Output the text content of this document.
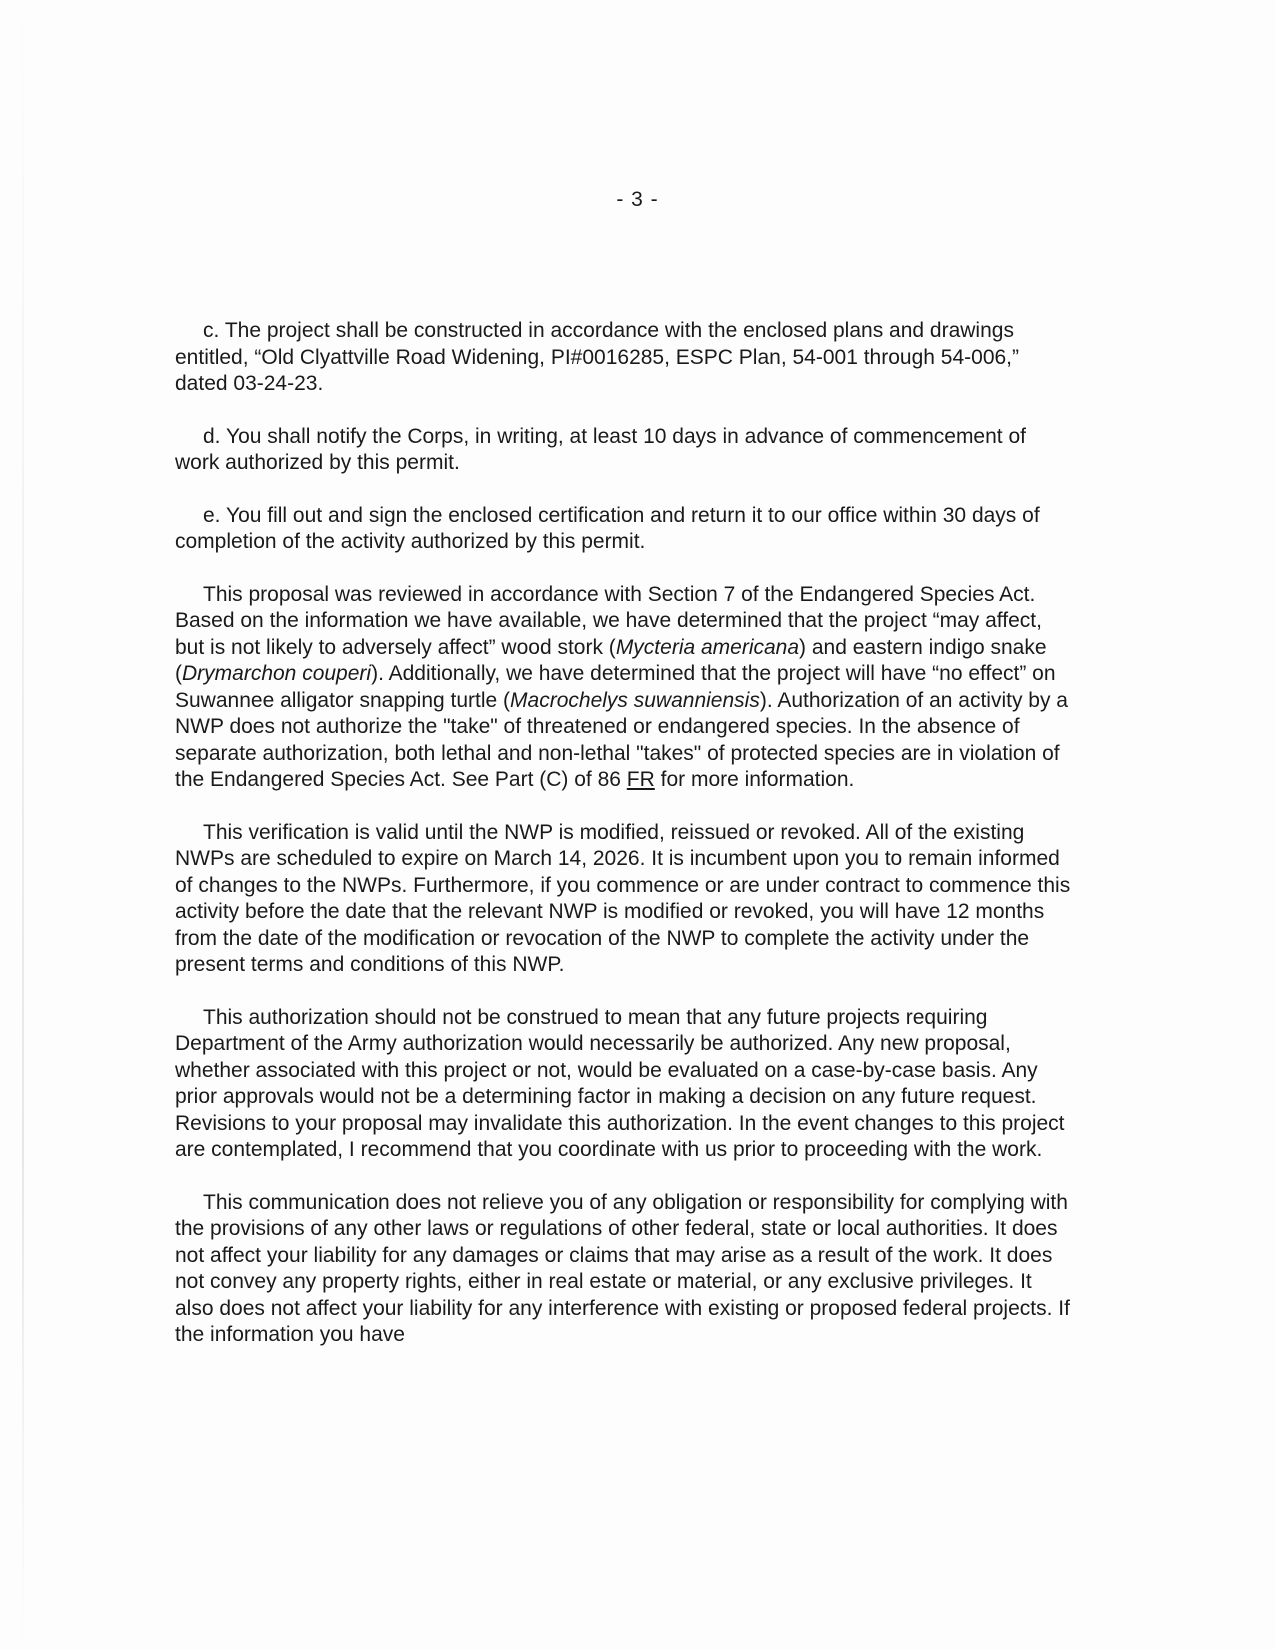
- 3 -

c. The project shall be constructed in accordance with the enclosed plans and drawings entitled, “Old Clyattville Road Widening, PI#0016285, ESPC Plan, 54-001 through 54-006,” dated 03-24-23.

d. You shall notify the Corps, in writing, at least 10 days in advance of commencement of work authorized by this permit.

e. You fill out and sign the enclosed certification and return it to our office within 30 days of completion of the activity authorized by this permit.

This proposal was reviewed in accordance with Section 7 of the Endangered Species Act. Based on the information we have available, we have determined that the project “may affect, but is not likely to adversely affect” wood stork (Mycteria americana) and eastern indigo snake (Drymarchon couperi). Additionally, we have determined that the project will have “no effect” on Suwannee alligator snapping turtle (Macrochelys suwanniensis). Authorization of an activity by a NWP does not authorize the "take" of threatened or endangered species. In the absence of separate authorization, both lethal and non-lethal "takes" of protected species are in violation of the Endangered Species Act. See Part (C) of 86 FR for more information.

This verification is valid until the NWP is modified, reissued or revoked. All of the existing NWPs are scheduled to expire on March 14, 2026. It is incumbent upon you to remain informed of changes to the NWPs. Furthermore, if you commence or are under contract to commence this activity before the date that the relevant NWP is modified or revoked, you will have 12 months from the date of the modification or revocation of the NWP to complete the activity under the present terms and conditions of this NWP.

This authorization should not be construed to mean that any future projects requiring Department of the Army authorization would necessarily be authorized. Any new proposal, whether associated with this project or not, would be evaluated on a case-by-case basis. Any prior approvals would not be a determining factor in making a decision on any future request. Revisions to your proposal may invalidate this authorization. In the event changes to this project are contemplated, I recommend that you coordinate with us prior to proceeding with the work.

This communication does not relieve you of any obligation or responsibility for complying with the provisions of any other laws or regulations of other federal, state or local authorities. It does not affect your liability for any damages or claims that may arise as a result of the work. It does not convey any property rights, either in real estate or material, or any exclusive privileges. It also does not affect your liability for any interference with existing or proposed federal projects. If the information you have
